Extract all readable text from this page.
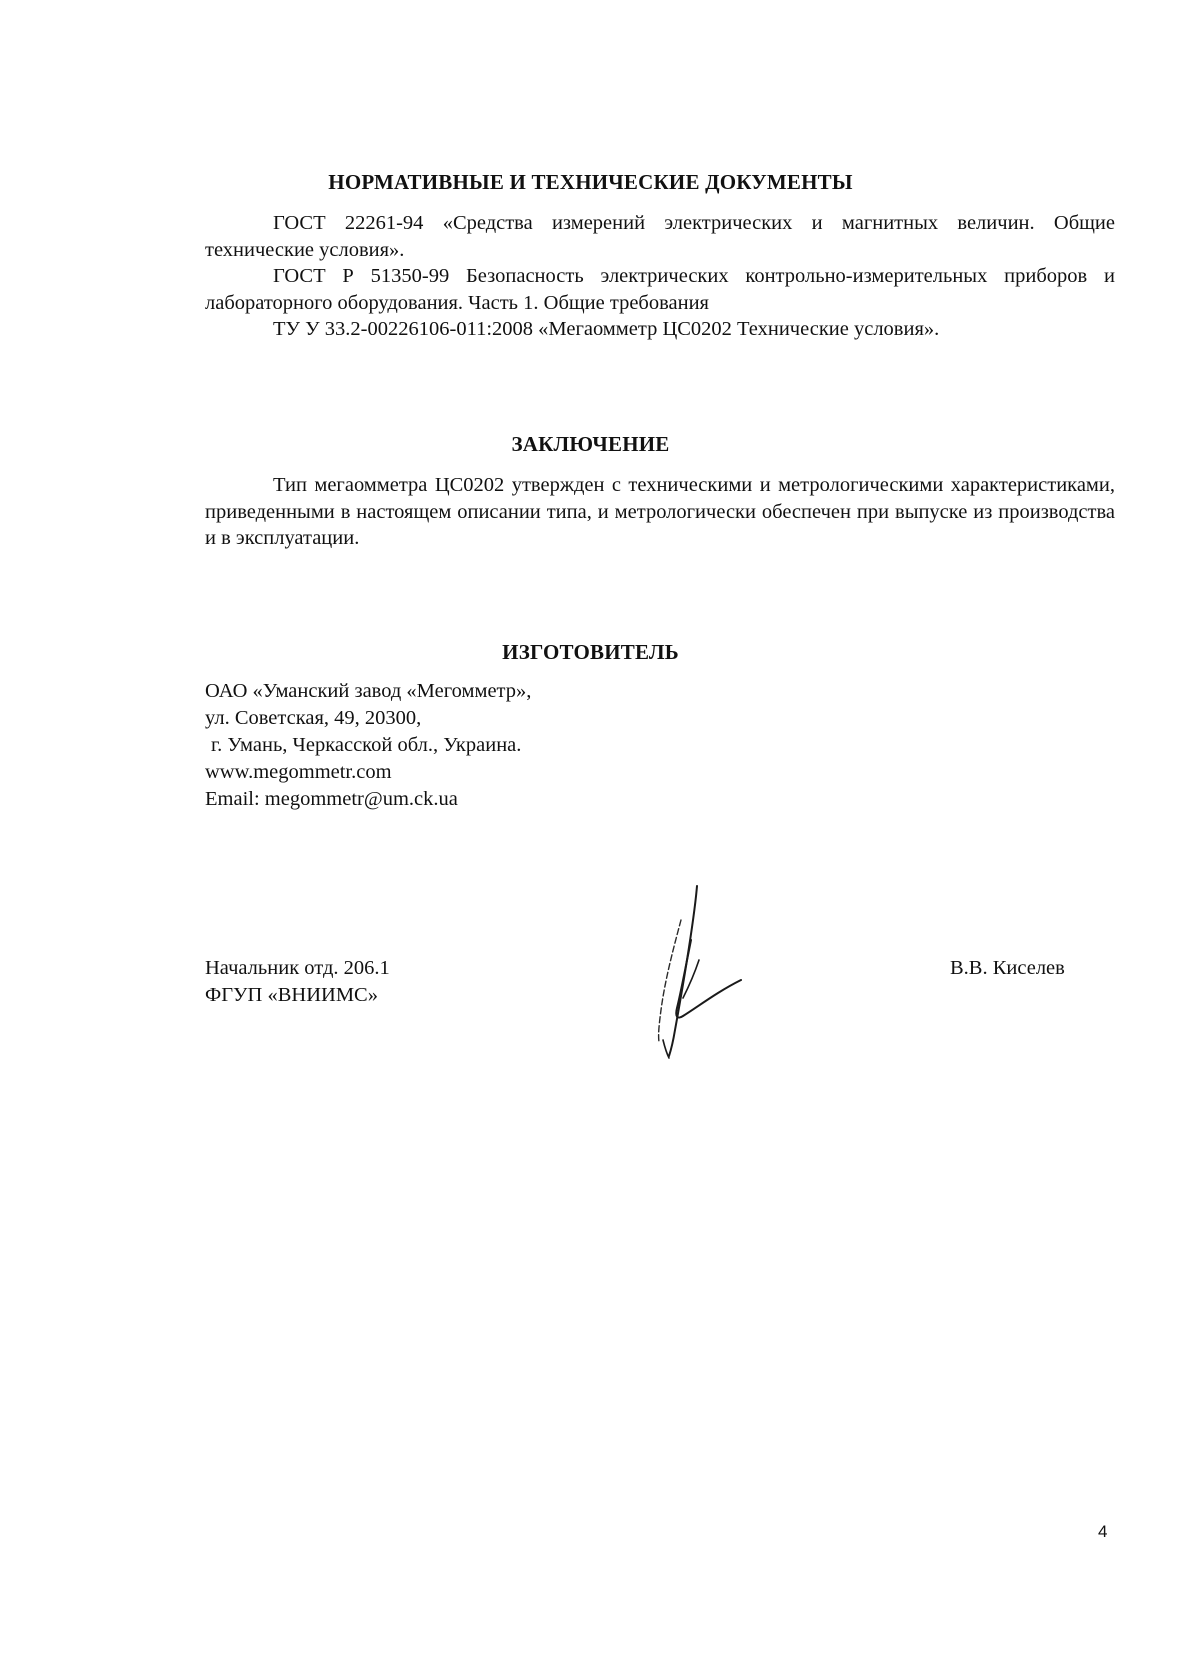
НОРМАТИВНЫЕ И ТЕХНИЧЕСКИЕ ДОКУМЕНТЫ

ГОСТ 22261-94 «Средства измерений электрических и магнитных величин. Общие технические условия».

ГОСТ Р 51350-99 Безопасность электрических контрольно-измерительных приборов и лабораторного оборудования. Часть 1. Общие требования

ТУ У 33.2-00226106-011:2008 «Мегаомметр ЦС0202 Технические условия».

ЗАКЛЮЧЕНИЕ

Тип мегаомметра ЦС0202 утвержден с техническими и метрологическими характеристиками, приведенными в настоящем описании типа, и метрологически обеспечен при выпуске из производства и в эксплуатации.

ИЗГОТОВИТЕЛЬ

ОАО «Уманский завод «Мегомметр»,

ул. Советская, 49, 20300,

г. Умань, Черкасской обл., Украина.

www.megommetr.com

Email: megommetr@um.ck.ua

Начальник отд. 206.1

ФГУП «ВНИИМС»

В.В. Киселев

4
